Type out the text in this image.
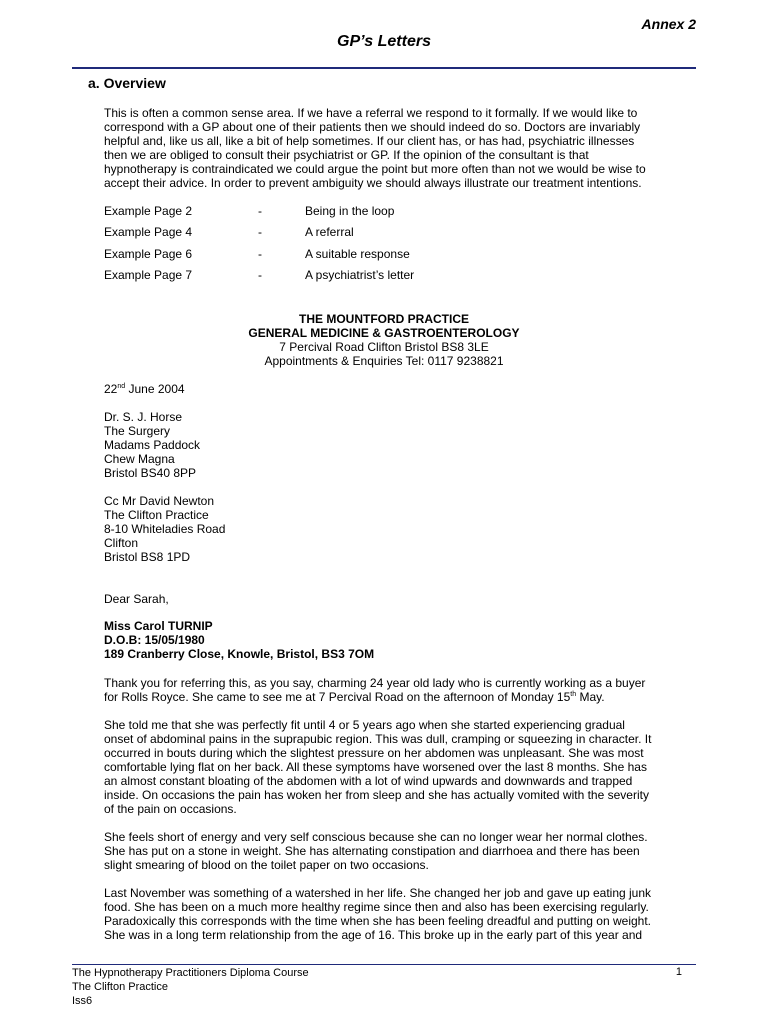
Annex 2
GP’s Letters
a. Overview
This is often a common sense area. If we have a referral we respond to it formally. If we would like to
correspond with a GP about one of their patients then we should indeed do so. Doctors are invariably
helpful and, like us all, like a bit of help sometimes. If our client has, or has had, psychiatric illnesses
then we are obliged to consult their psychiatrist or GP. If the opinion of the consultant is that
hypnotherapy is contraindicated we could argue the point but more often than not we would be wise to
accept their advice. In order to prevent ambiguity we should always illustrate our treatment intentions.
Example Page 2	-	Being in the loop
Example Page 4	-	A referral
Example Page 6	-	A suitable response
Example Page 7	-	A psychiatrist’s letter
THE MOUNTFORD PRACTICE
GENERAL MEDICINE & GASTROENTEROLOGY
7 Percival Road Clifton Bristol BS8 3LE
Appointments & Enquiries Tel: 0117 9238821
22nd June 2004
Dr. S. J. Horse
The Surgery
Madams Paddock
Chew Magna
Bristol BS40 8PP
Cc Mr David Newton
The Clifton Practice
8-10 Whiteladies Road
Clifton
Bristol BS8 1PD
Dear Sarah,
Miss Carol TURNIP
D.O.B: 15/05/1980
189 Cranberry Close, Knowle, Bristol, BS3 7OM
Thank you for referring this, as you say, charming 24 year old lady who is currently working as a buyer
for Rolls Royce. She came to see me at 7 Percival Road on the afternoon of Monday 15th May.
She told me that she was perfectly fit until 4 or 5 years ago when she started experiencing gradual
onset of abdominal pains in the suprapubic region. This was dull, cramping or squeezing in character. It
occurred in bouts during which the slightest pressure on her abdomen was unpleasant. She was most
comfortable lying flat on her back. All these symptoms have worsened over the last 8 months. She has
an almost constant bloating of the abdomen with a lot of wind upwards and downwards and trapped
inside. On occasions the pain has woken her from sleep and she has actually vomited with the severity
of the pain on occasions.
She feels short of energy and very self conscious because she can no longer wear her normal clothes.
She has put on a stone in weight. She has alternating constipation and diarrhoea and there has been
slight smearing of blood on the toilet paper on two occasions.
Last November was something of a watershed in her life. She changed her job and gave up eating junk
food. She has been on a much more healthy regime since then and also has been exercising regularly.
Paradoxically this corresponds with the time when she has been feeling dreadful and putting on weight.
She was in a long term relationship from the age of 16. This broke up in the early part of this year and
The Hypnotherapy Practitioners Diploma Course
The Clifton Practice
Iss6
1
